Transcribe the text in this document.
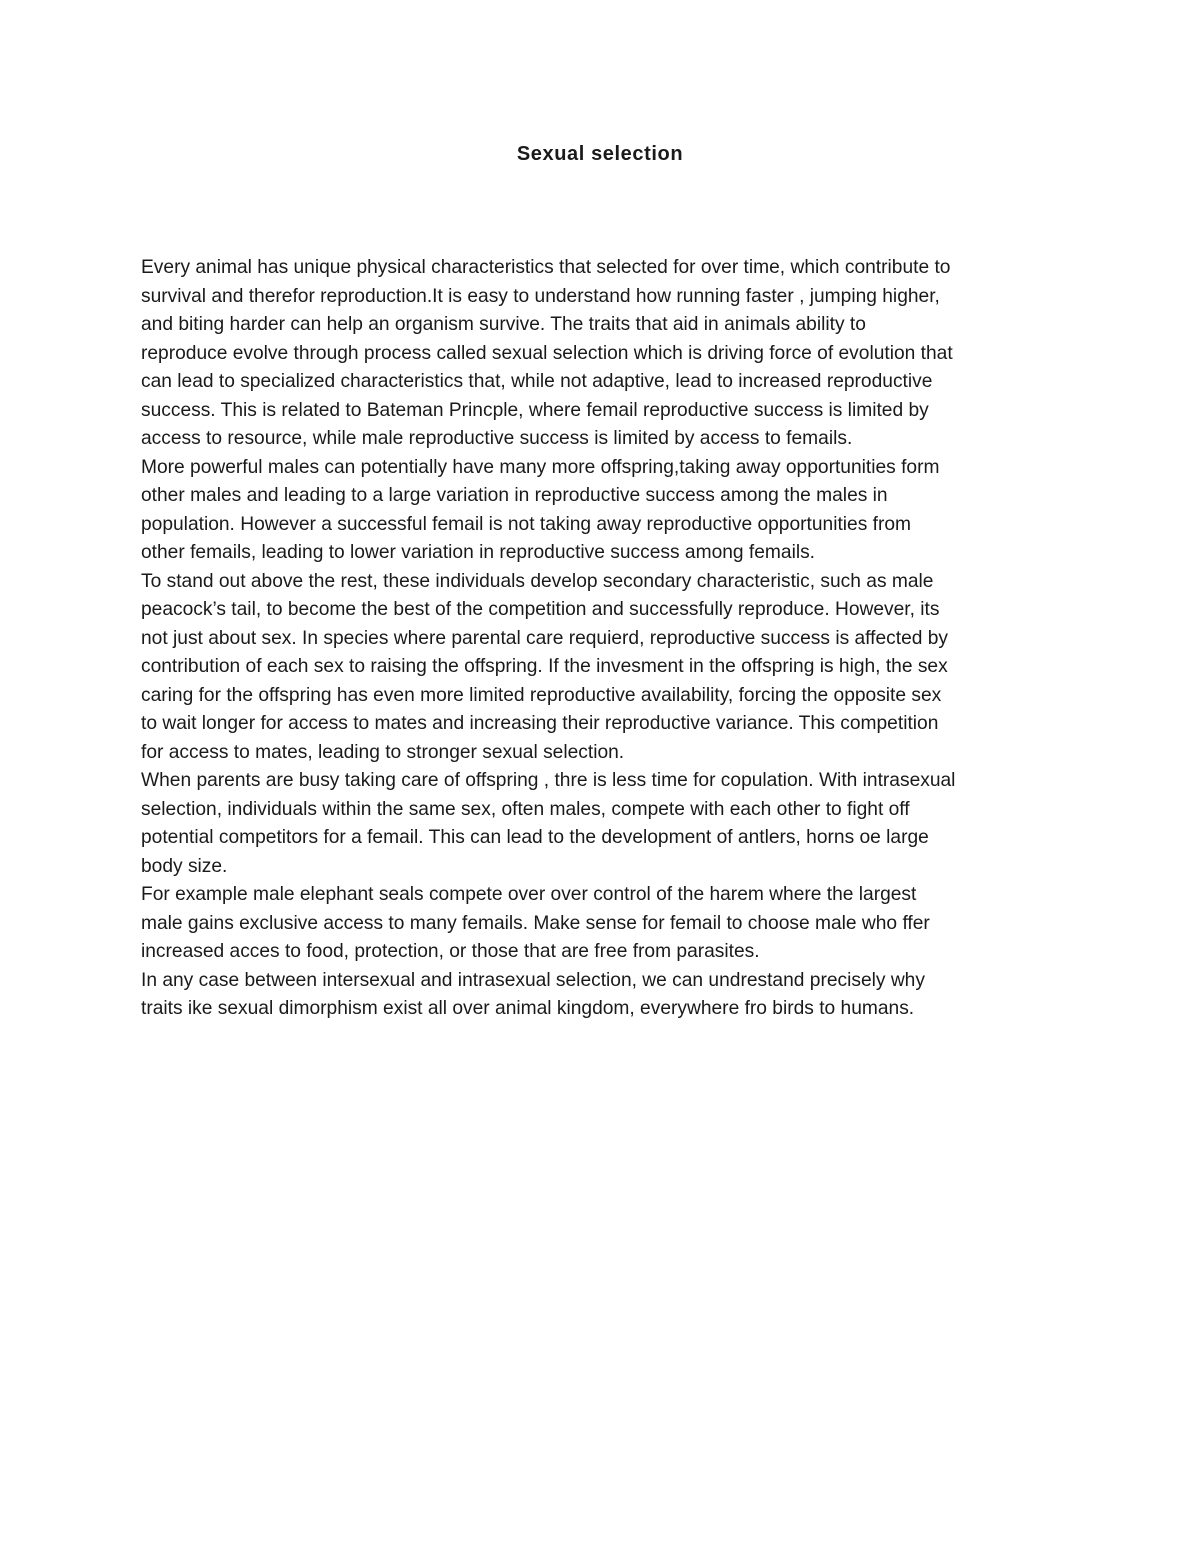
Sexual selection

Every animal has unique physical characteristics that selected for over time, which contribute to
survival and therefor reproduction.It is easy to understand how running faster , jumping higher,
and biting harder can help an organism survive. The traits that aid in animals ability to
reproduce evolve through process called sexual selection which is driving force of evolution that
can lead to specialized characteristics that, while not adaptive, lead to increased reproductive
success. This is related to Bateman Princple, where femail reproductive success is limited by
access to resource, while male reproductive success is limited by access to femails.

More powerful males can potentially have many more offspring,taking away opportunities form
other males and leading to a large variation in reproductive success among the males in
population. However a successful femail is not taking away reproductive opportunities from
other femails, leading to lower variation in reproductive success among femails.

To stand out above the rest, these individuals develop secondary characteristic, such as male
peacock’s tail, to become the best of the competition and successfully reproduce. However, its
not just about sex. In species where parental care requierd, reproductive success is affected by
contribution of each sex to raising the offspring. If the invesment in the offspring is high, the sex
caring for the offspring has even more limited reproductive availability, forcing the opposite sex
to wait longer for access to mates and increasing their reproductive variance. This competition
for access to mates, leading to stronger sexual selection.

When parents are busy taking care of offspring , thre is less time for copulation. With intrasexual
selection, individuals within the same sex, often males, compete with each other to fight off
potential competitors for a femail. This can lead to the development of antlers, horns oe large
body size.

For example male elephant seals compete over over control of the harem where the largest
male gains exclusive access to many femails. Make sense for femail to choose male who ffer
increased acces to food, protection, or those that are free from parasites.

In any case between intersexual and intrasexual selection, we can undrestand precisely why
traits ike sexual dimorphism exist all over animal kingdom, everywhere fro birds to humans.
